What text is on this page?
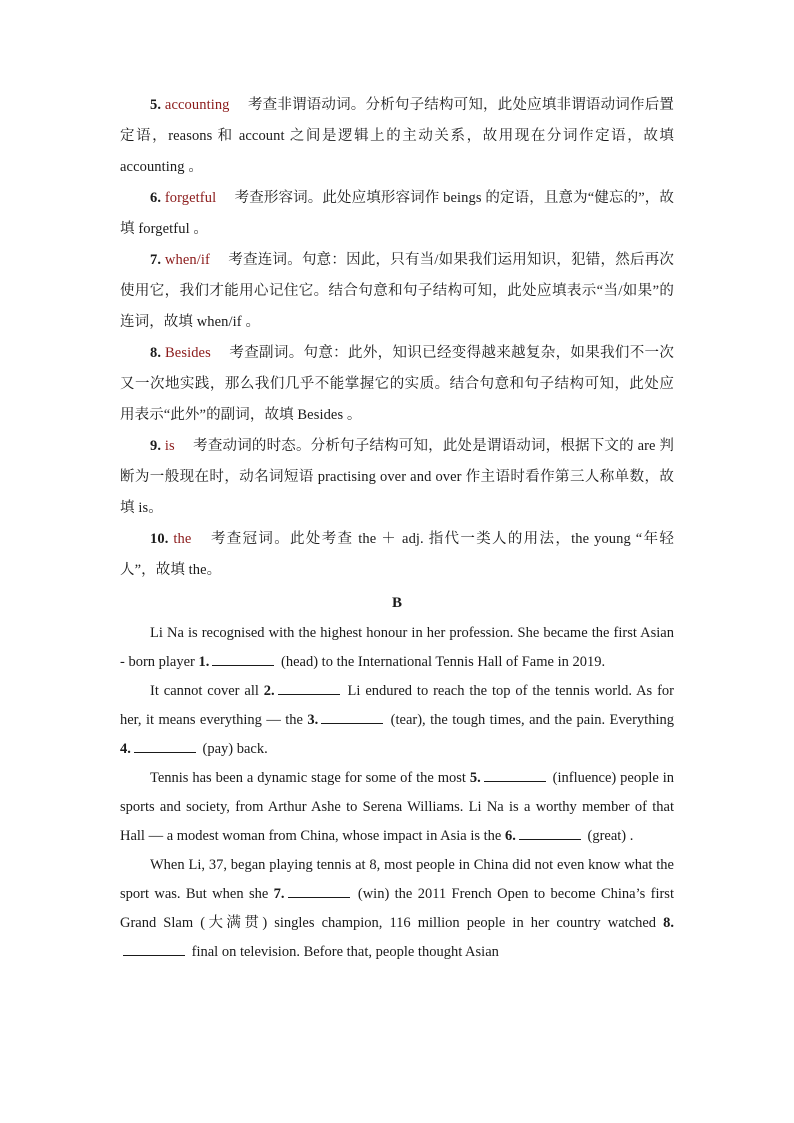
5. accounting  考查非谓语动词。分析句子结构可知，此处应填非谓语动词作后置定语，reasons 和 account 之间是逻辑上的主动关系，故用现在分词作定语，故填 accounting 。

6. forgetful  考查形容词。此处应填形容词作 beings 的定语，且意为“健忘的”，故填 forgetful 。

7. when/if  考查连词。句意：因此，只有当/如果我们运用知识，犯错，然后再次使用它，我们才能用心记住它。结合句意和句子结构可知，此处应填表示“当/如果”的连词，故填 when/if 。

8. Besides  考查副词。句意：此外，知识已经变得越来越复杂，如果我们不一次又一次地实践，那么我们几乎不能掌握它的实质。结合句意和句子结构可知，此处应用表示“此外”的副词，故填 Besides 。

9. is  考查动词的时态。分析句子结构可知，此处是谓语动词，根据下文的 are 判断为一般现在时，动名词短语 practising over and over 作主语时看作第三人称单数，故填 is。

10. the  考查冠词。此处考查 the ＋ adj. 指代一类人的用法，the young “年轻人”，故填 the。

B

Li Na is recognised with the highest honour in her profession. She became the first Asian - born player 1.	(head) to the International Tennis Hall of Fame in 2019.

It cannot cover all 2.	Li endured to reach the top of the tennis world. As for her, it means everything — the 3.	(tear), the tough times, and the pain. Everything 4.	(pay) back.

Tennis has been a dynamic stage for some of the most 5.	(influence) people in sports and society, from Arthur Ashe to Serena Williams. Li Na is a worthy member of that Hall — a modest woman from China, whose impact in Asia is the 6.	(great) .

When Li, 37, began playing tennis at 8, most people in China did not even know what the sport was. But when she 7.	(win) the 2011 French Open to become China’s first Grand Slam (大满贯) singles champion, 116 million people in her country watched 8. final on television. Before that, people thought Asian
